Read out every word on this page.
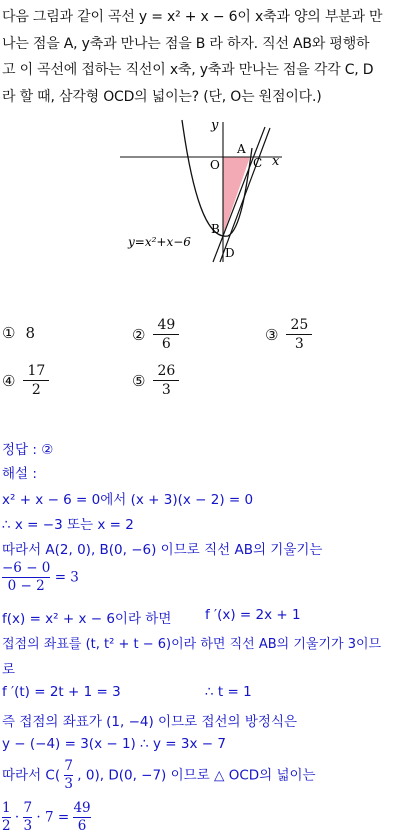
다음 그림과 같이 곡선 y = x² + x − 6이 x축과 양의 부분과 만
나는 점을 A, y축과 만나는 점을 B 라 하자. 직선 AB와 평행하
고 이 곡선에 접하는 직선이 x축, y축과 만나는 점을 각각 C, D
라 할 때, 삼각형 OCD의 넓이는? (단, O는 원점이다.)
y
x
O
A
C
B
D
y=x²+x−6
① 8	② $\frac{49}{6}$	③ $\frac{25}{3}$
④ $\frac{17}{2}$	⑤ $\frac{26}{3}$
정답 : ②
해설 :
x² + x − 6 = 0에서 (x + 3)(x − 2) = 0
∴ x = −3 또는 x = 2
따라서 A(2, 0), B(0, −6) 이므로 직선 AB의 기울기는
$\frac{-6 - 0}{0 - 2} = 3$
f(x) = x² + x − 6이라 하면	f ′(x) = 2x + 1
접점의 좌표를 (t, t² + t − 6)이라 하면 직선 AB의 기울기가 3이므
로
f ′(t) = 2t + 1 = 3	∴ t = 1
즉 접점의 좌표가 (1, −4) 이므로 접선의 방정식은
y − (−4) = 3(x − 1) ∴ y = 3x − 7
따라서 $C( \frac{7}{3}$ , 0), D(0, −7) 이므로 △ OCD의 넓이는
$\frac{1}{2} \cdot \frac{7}{3} \cdot 7 = \frac{49}{6}$
